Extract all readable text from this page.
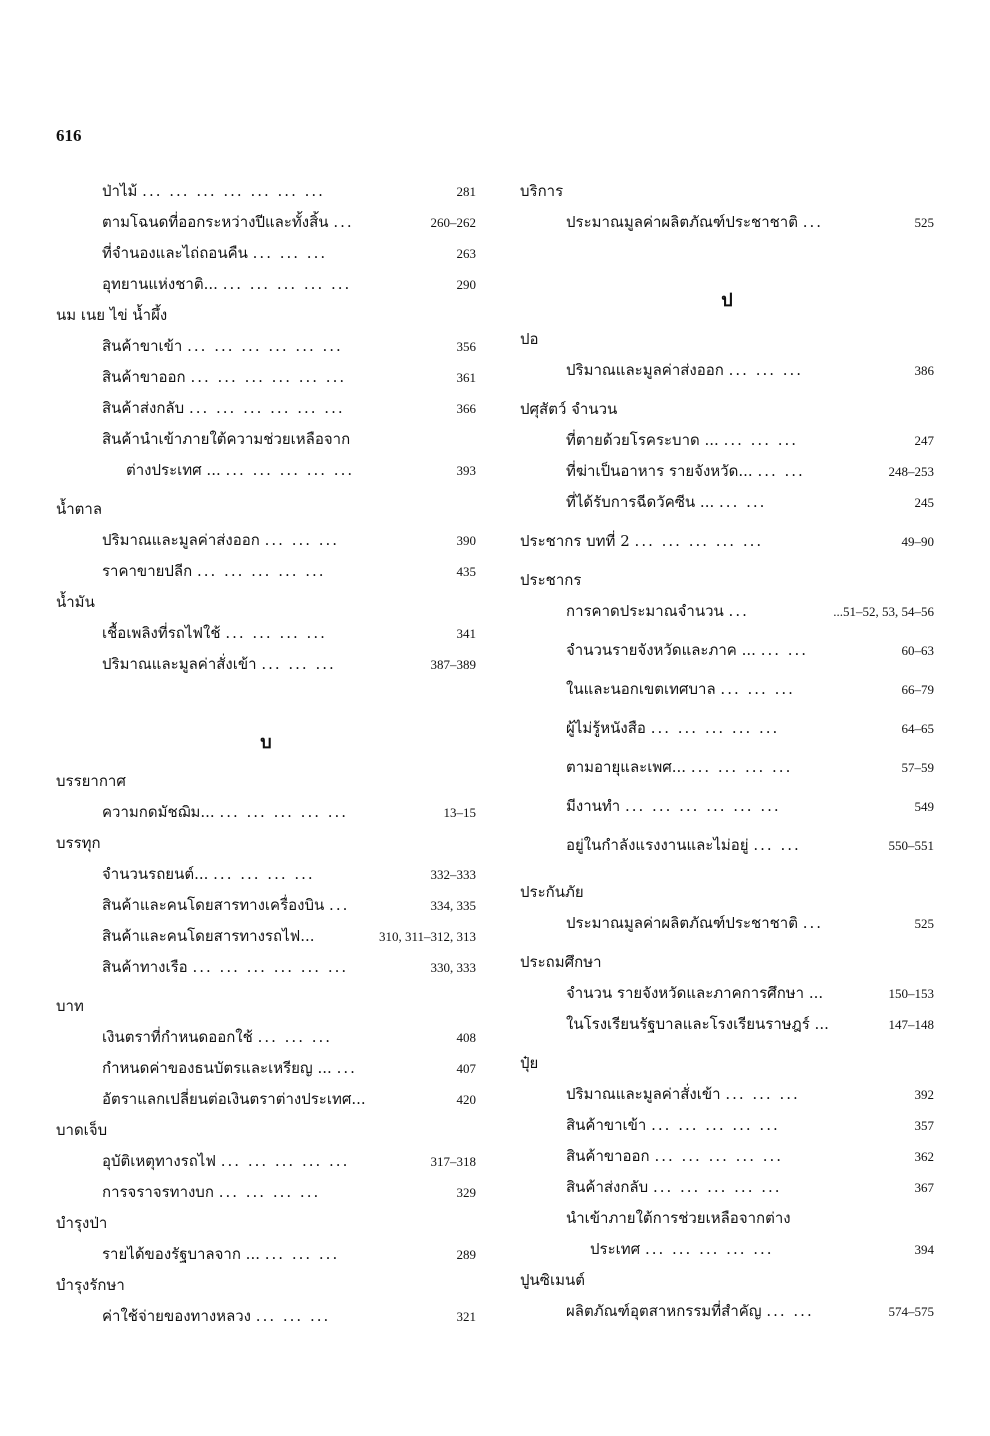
616
ป่าไม้ ... ... ... ... ... ... ...	281
ตามโฉนดที่ออกระหว่างปีและทั้งสิ้น ...	260–262
ที่จำนองและไถ่ถอนคืน ... ... ...	263
อุทยานแห่งชาติ... ... ... ... ... ...	290
นม เนย ไข่ น้ำผึ้ง
สินค้าขาเข้า ... ... ... ... ... ...	356
สินค้าขาออก ... ... ... ... ... ...	361
สินค้าส่งกลับ ... ... ... ... ... ...	366
สินค้านำเข้าภายใต้ความช่วยเหลือจาก
ต่างประเทศ ... ... ... ... ... ...	393
น้ำตาล
ปริมาณและมูลค่าส่งออก ... ... ...	390
ราคาขายปลีก ... ... ... ... ...	435
น้ำมัน
เชื้อเพลิงที่รถไฟใช้ ... ... ... ...	341
ปริมาณและมูลค่าสั่งเข้า ... ... ...	387–389
บ
บรรยากาศ
ความกดมัชฌิม... ... ... ... ... ...	13–15
บรรทุก
จำนวนรถยนต์... ... ... ... ...	332–333
สินค้าและคนโดยสารทางเครื่องบิน ...	334, 335
สินค้าและคนโดยสารทางรถไฟ...	310, 311–312, 313
สินค้าทางเรือ ... ... ... ... ... ...	330, 333
บาท
เงินตราที่กำหนดออกใช้ ... ... ...	408
กำหนดค่าของธนบัตรและเหรียญ ... ...	407
อัตราแลกเปลี่ยนต่อเงินตราต่างประเทศ...	420
บาดเจ็บ
อุบัติเหตุทางรถไฟ ... ... ... ... ...	317–318
การจราจรทางบก ... ... ... ...	329
บำรุงป่า
รายได้ของรัฐบาลจาก ... ... ... ...	289
บำรุงรักษา
ค่าใช้จ่ายของทางหลวง ... ... ...	321
บริการ
ประมาณมูลค่าผลิตภัณฑ์ประชาชาติ ...	525
ป
ปอ
ปริมาณและมูลค่าส่งออก ... ... ...	386
ปศุสัตว์ จำนวน
ที่ตายด้วยโรคระบาด ... ... ... ...	247
ที่ฆ่าเป็นอาหาร รายจังหวัด... ... ...	248–253
ที่ได้รับการฉีดวัคซีน ... ... ...	245
ประชากร บทที่ 2 ... ... ... ... ...	49–90
ประชากร
การคาดประมาณจำนวน ...	...51–52, 53, 54–56
จำนวนรายจังหวัดและภาค ... ... ...	60–63
ในและนอกเขตเทศบาล ... ... ...	66–79
ผู้ไม่รู้หนังสือ ... ... ... ... ...	64–65
ตามอายุและเพศ... ... ... ... ...	57–59
มีงานทำ ... ... ... ... ... ...	549
อยู่ในกำลังแรงงานและไม่อยู่ ... ...	550–551
ประกันภัย
ประมาณมูลค่าผลิตภัณฑ์ประชาชาติ ...	525
ประถมศึกษา
จำนวน รายจังหวัดและภาคการศึกษา ...	150–153
ในโรงเรียนรัฐบาลและโรงเรียนราษฎร์ ...	147–148
ปุ๋ย
ปริมาณและมูลค่าสั่งเข้า ... ... ...	392
สินค้าขาเข้า ... ... ... ... ...	357
สินค้าขาออก ... ... ... ... ...	362
สินค้าส่งกลับ ... ... ... ... ...	367
นำเข้าภายใต้การช่วยเหลือจากต่าง
ประเทศ ... ... ... ... ...	394
ปูนซิเมนต์
ผลิตภัณฑ์อุตสาหกรรมที่สำคัญ ... ...	574–575
